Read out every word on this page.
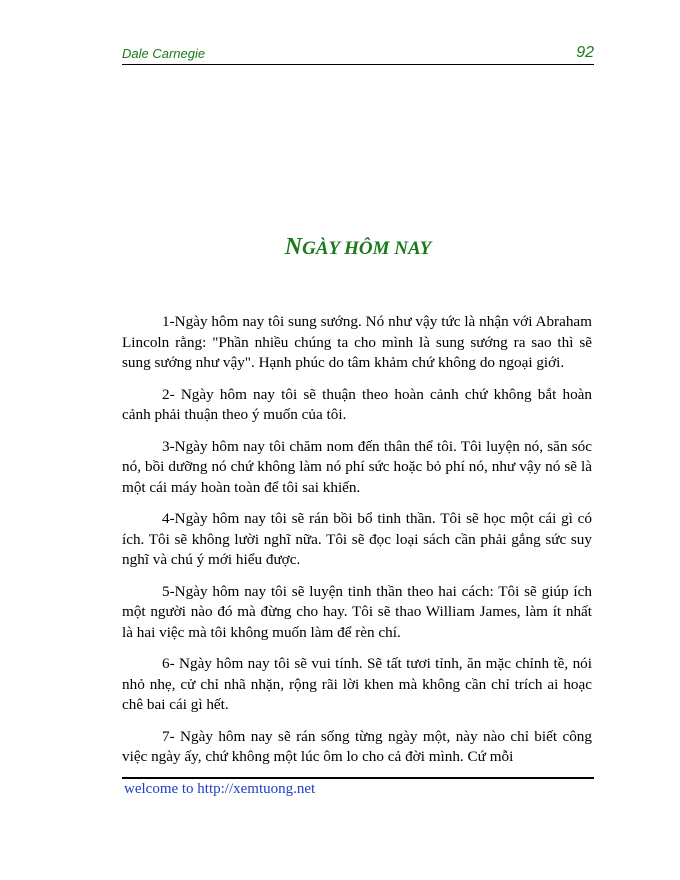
Dale Carnegie	92
NGÀY HÔM NAY

1-Ngày hôm nay tôi sung sướng. Nó như vậy tức là nhận với Abraham Lincoln rằng: "Phần nhiều chúng ta cho mình là sung sướng ra sao thì sẽ sung sướng như vậy". Hạnh phúc do tâm khảm chứ không do ngoại giới.

2- Ngày hôm nay tôi sẽ thuận theo hoàn cảnh chứ không bắt hoàn cảnh phải thuận theo ý muốn của tôi.

3-Ngày hôm nay tôi chăm nom đến thân thể tôi. Tôi luyện nó, săn sóc nó, bồi dưỡng nó chứ không làm nó phí sức hoặc bỏ phí nó, như vậy nó sẽ là một cái máy hoàn toàn để tôi sai khiến.

4-Ngày hôm nay tôi sẽ rán bồi bổ tinh thần. Tôi sẽ học một cái gì có ích. Tôi sẽ không lười nghĩ nữa. Tôi sẽ đọc loại sách cần phải gắng sức suy nghĩ và chú ý mới hiểu được.

5-Ngày hôm nay tôi sẽ luyện tinh thần theo hai cách: Tôi sẽ giúp ích một người nào đó mà đừng cho hay. Tôi sẽ thao William James, làm ít nhất là hai việc mà tôi không muốn làm để rèn chí.

6- Ngày hôm nay tôi sẽ vui tính. Sẽ tất tươi tỉnh, ăn mặc chỉnh tề, nói nhỏ nhẹ, cử chỉ nhã nhặn, rộng rãi lời khen mà không cần chỉ trích ai hoạc chê bai cái gì hết.

7- Ngày hôm nay sẽ rán sống từng ngày một, này nào chỉ biết công việc ngày ấy, chứ không một lúc ôm lo cho cả đời mình. Cứ mỗi

welcome to http://xemtuong.net
